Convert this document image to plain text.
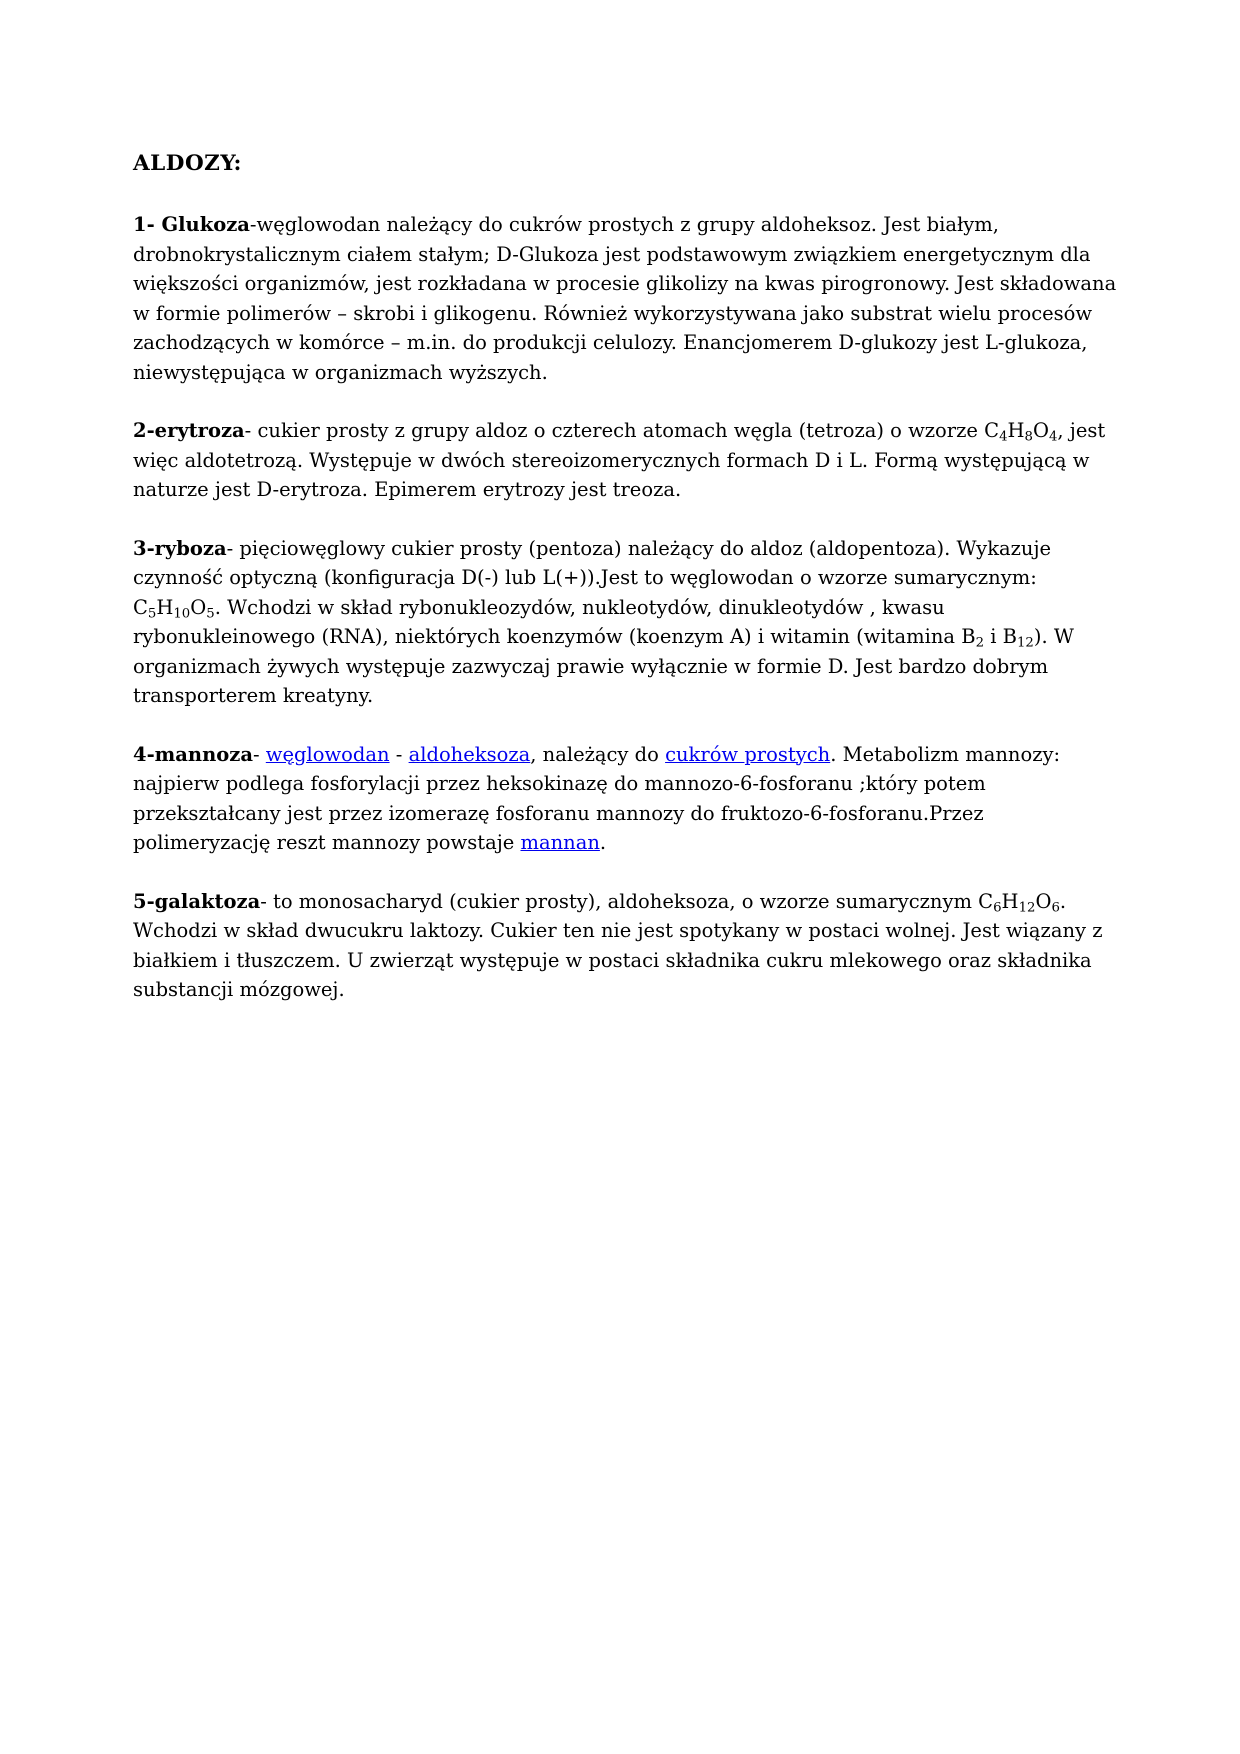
ALDOZY:

1- Glukoza-węglowodan należący do cukrów prostych z grupy aldoheksoz. Jest białym, drobnokrystalicznym ciałem stałym; D-Glukoza jest podstawowym związkiem energetycznym dla większości organizmów, jest rozkładana w procesie glikolizy na kwas pirogronowy. Jest składowana w formie polimerów – skrobi i glikogenu. Również wykorzystywana jako substrat wielu procesów zachodzących w komórce – m.in. do produkcji celulozy. Enancjomerem D-glukozy jest L-glukoza, niewystępująca w organizmach wyższych.

2-erytroza- cukier prosty z grupy aldoz o czterech atomach węgla (tetroza) o wzorze $C_4H_8O_4$, jest więc aldotetrozą. Występuje w dwóch stereoizomerycznych formach D i L. Formą występującą w naturze jest D-erytroza. Epimerem erytrozy jest treoza.

3-ryboza- pięciowęglowy cukier prosty (pentoza) należący do aldoz (aldopentoza). Wykazuje czynność optyczną (konfiguracja D(-) lub L(+)).Jest to węglowodan o wzorze sumarycznym: $C_5H_{10}O_5$. Wchodzi w skład rybonukleozydów, nukleotydów, dinukleotydów , kwasu rybonukleinowego (RNA), niektórych koenzymów (koenzym A) i witamin (witamina $B_2$ i $B_{12}$). W organizmach żywych występuje zazwyczaj prawie wyłącznie w formie D. Jest bardzo dobrym transporterem kreatyny.

4-mannoza- węglowodan - aldoheksoza, należący do cukrów prostych. Metabolizm mannozy: najpierw podlega fosforylacji przez heksokinazę do mannozo-6-fosforanu ;który potem przekształcany jest przez izomerazę fosforanu mannozy do fruktozo-6-fosforanu.Przez polimeryzację reszt mannozy powstaje mannan.

5-galaktoza- to monosacharyd (cukier prosty), aldoheksoza, o wzorze sumarycznym $C_6H_{12}O_6$. Wchodzi w skład dwucukru laktozy. Cukier ten nie jest spotykany w postaci wolnej. Jest wiązany z białkiem i tłuszczem. U zwierząt występuje w postaci składnika cukru mlekowego oraz składnika substancji mózgowej.
